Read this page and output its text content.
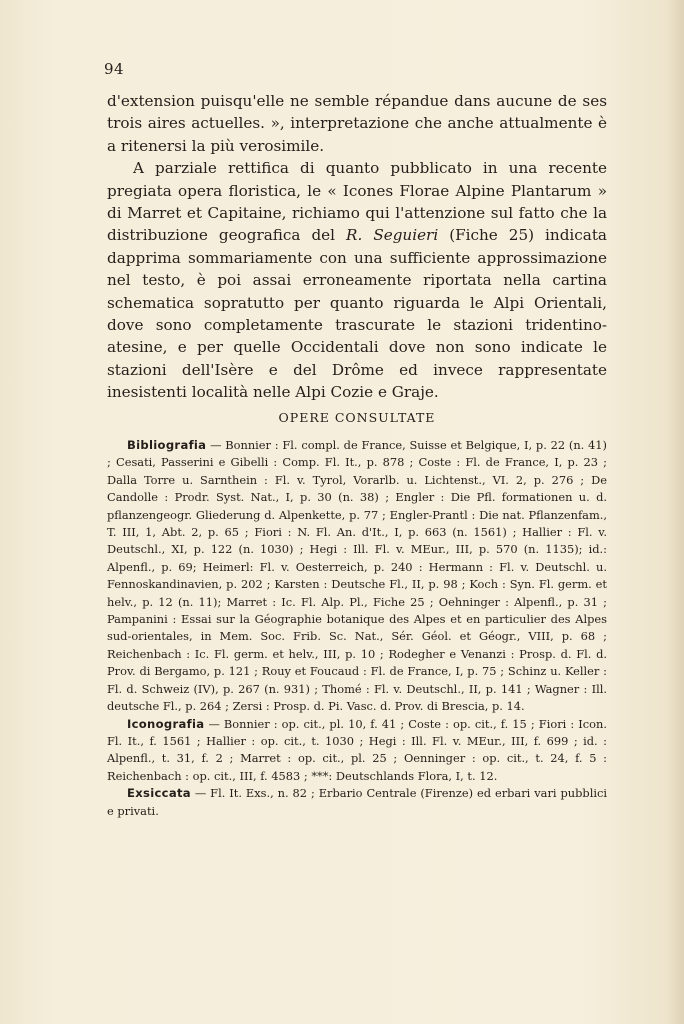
94

d'extension puisqu'elle ne semble répandue dans aucune de ses trois aires actuelles. », interpretazione che anche attualmente è a ritenersi la più verosimile.

A parziale rettifica di quanto pubblicato in una recente pregiata opera floristica, le « Icones Florae Alpine Plantarum » di Marret et Capitaine, richiamo qui l'attenzione sul fatto che la distribuzione geografica del R. Seguieri (Fiche 25) indicata dapprima sommariamente con una sufficiente approssimazione nel testo, è poi assai erroneamente riportata nella cartina schematica sopratutto per quanto riguarda le Alpi Orientali, dove sono completamente trascurate le stazioni tridentino-atesine, e per quelle Occidentali dove non sono indicate le stazioni dell'Isère e del Drôme ed invece rappresentate inesistenti località nelle Alpi Cozie e Graje.

OPERE CONSULTATE

Bibliografia — Bonnier : Fl. compl. de France, Suisse et Belgique, I, p. 22 (n. 41) ; Cesati, Passerini e Gibelli : Comp. Fl. It., p. 878 ; Coste : Fl. de France, I, p. 23 ; Dalla Torre u. Sarnthein : Fl. v. Tyrol, Vorarlb. u. Lichtenst., VI. 2, p. 276 ; De Candolle : Prodr. Syst. Nat., I, p. 30 (n. 38) ; Engler : Die Pfl. formationen u. d. pflanzengeogr. Gliederung d. Alpenkette, p. 77 ; Engler-Prantl : Die nat. Pflanzenfam., T. III, 1, Abt. 2, p. 65 ; Fiori : N. Fl. An. d'It., I, p. 663 (n. 1561) ; Hallier : Fl. v. Deutschl., XI, p. 122 (n. 1030) ; Hegi : Ill. Fl. v. MEur., III, p. 570 (n. 1135); id.: Alpenfl., p. 69; Heimerl: Fl. v. Oesterreich, p. 240 : Hermann : Fl. v. Deutschl. u. Fennoskandinavien, p. 202 ; Karsten : Deutsche Fl., II, p. 98 ; Koch : Syn. Fl. germ. et helv., p. 12 (n. 11); Marret : Ic. Fl. Alp. Pl., Fiche 25 ; Oehninger : Alpenfl., p. 31 ; Pampanini : Essai sur la Géographie botanique des Alpes et en particulier des Alpes sud-orientales, in Mem. Soc. Frib. Sc. Nat., Sér. Géol. et Géogr., VIII, p. 68 ; Reichenbach : Ic. Fl. germ. et helv., III, p. 10 ; Rodegher e Venanzi : Prosp. d. Fl. d. Prov. di Bergamo, p. 121 ; Rouy et Foucaud : Fl. de France, I, p. 75 ; Schinz u. Keller : Fl. d. Schweiz (IV), p. 267 (n. 931) ; Thomé : Fl. v. Deutschl., II, p. 141 ; Wagner : Ill. deutsche Fl., p. 264 ; Zersi : Prosp. d. Pi. Vasc. d. Prov. di Brescia, p. 14.

Iconografia — Bonnier : op. cit., pl. 10, f. 41 ; Coste : op. cit., f. 15 ; Fiori : Icon. Fl. It., f. 1561 ; Hallier : op. cit., t. 1030 ; Hegi : Ill. Fl. v. MEur., III, f. 699 ; id. : Alpenfl., t. 31, f. 2 ; Marret : op. cit., pl. 25 ; Oenninger : op. cit., t. 24, f. 5 : Reichenbach : op. cit., III, f. 4583 ; ***: Deutschlands Flora, I, t. 12.

Exsiccata — Fl. It. Exs., n. 82 ; Erbario Centrale (Firenze) ed erbari vari pubblici e privati.
